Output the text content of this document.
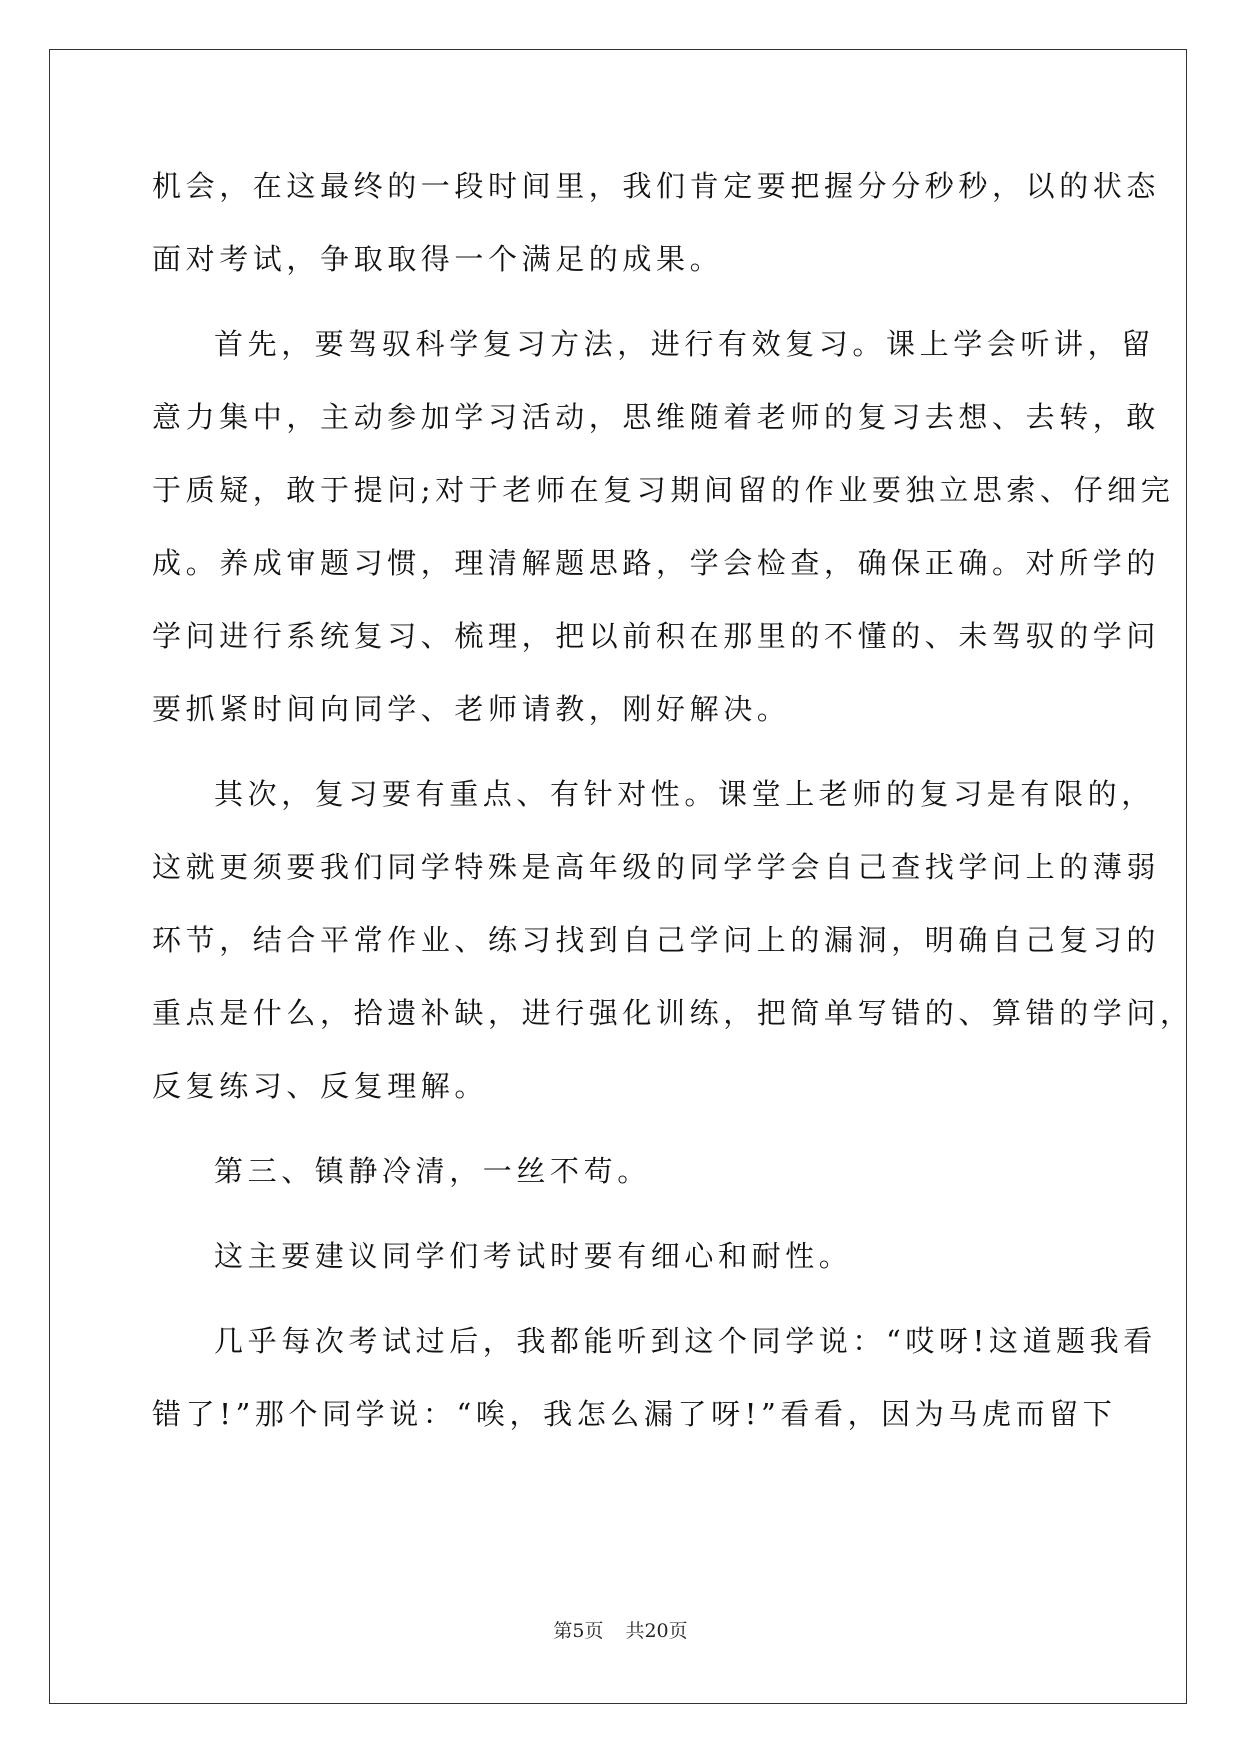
机会，在这最终的一段时间里，我们肯定要把握分分秒秒，以的状态
面对考试，争取取得一个满足的成果。
首先，要驾驭科学复习方法，进行有效复习。课上学会听讲，留
意力集中，主动参加学习活动，思维随着老师的复习去想、去转，敢
于质疑，敢于提问;对于老师在复习期间留的作业要独立思索、仔细完
成。养成审题习惯，理清解题思路，学会检查，确保正确。对所学的
学问进行系统复习、梳理，把以前积在那里的不懂的、未驾驭的学问
要抓紧时间向同学、老师请教，刚好解决。
其次，复习要有重点、有针对性。课堂上老师的复习是有限的，
这就更须要我们同学特殊是高年级的同学学会自己查找学问上的薄弱
环节，结合平常作业、练习找到自己学问上的漏洞，明确自己复习的
重点是什么，拾遗补缺，进行强化训练，把简单写错的、算错的学问，
反复练习、反复理解。
第三、镇静冷清，一丝不苟。
这主要建议同学们考试时要有细心和耐性。
几乎每次考试过后，我都能听到这个同学说：“哎呀!这道题我看
错了!”那个同学说：“唉，我怎么漏了呀!”看看，因为马虎而留下
第5页 共20页
